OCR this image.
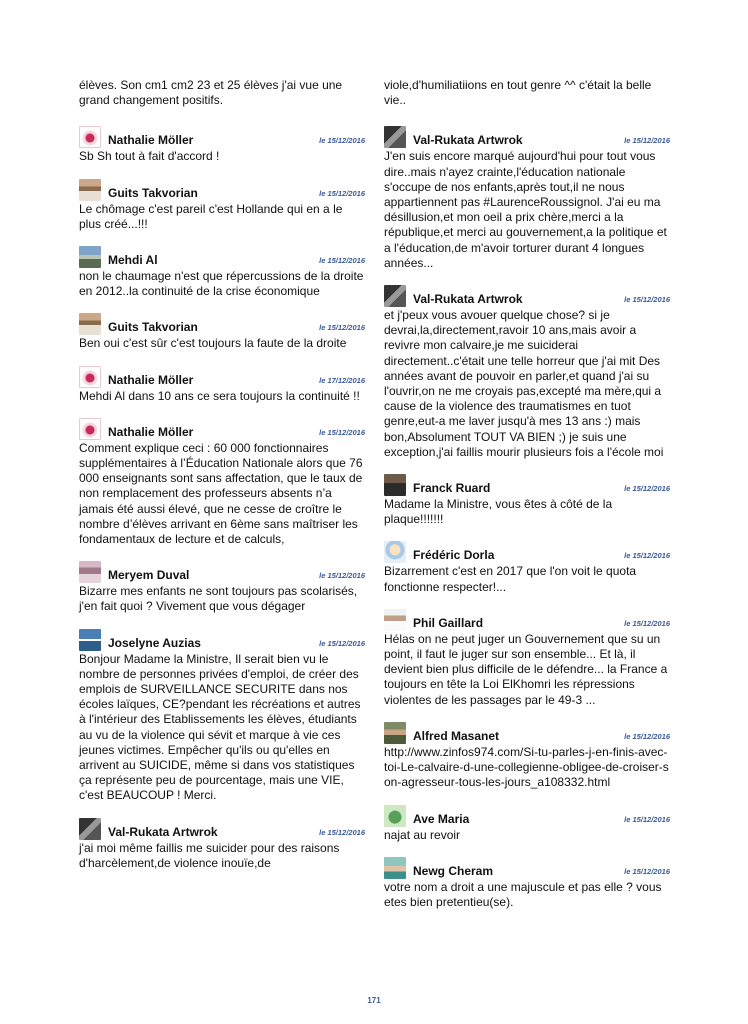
élèves. Son cm1 cm2 23 et 25 élèves j'ai vue une grand changement positifs.
Nathalie Möller	le 15/12/2016
Sb Sh tout à fait d'accord !
Guits Takvorian	le 15/12/2016
Le chômage c'est pareil c'est Hollande qui en a le plus créé...!!!
Mehdi Al	le 15/12/2016
non le chaumage n'est que répercussions de la droite en 2012..la continuité de la crise économique
Guits Takvorian	le 15/12/2016
Ben oui c'est sûr c'est toujours la faute de la droite
Nathalie Möller	le 17/12/2016
Mehdi Al dans 10 ans ce sera toujours la continuité !!
Nathalie Möller	le 15/12/2016
Comment explique ceci : 60 000 fonctionnaires supplémentaires à l’Éducation Nationale alors que 76 000 enseignants sont sans affectation, que le taux de non remplacement des professeurs absents n’a jamais été aussi élevé, que ne cesse de croître le nombre d’élèves arrivant en 6ème sans maîtriser les fondamentaux de lecture et de calculs,
Meryem Duval	le 15/12/2016
Bizarre mes enfants ne sont toujours pas scolarisés, j'en fait quoi ? Vivement que vous dégager
Joselyne Auzias	le 15/12/2016
Bonjour Madame la Ministre, Il serait bien vu le nombre de personnes privées d'emploi, de créer des emplois de SURVEILLANCE SECURITE dans nos écoles laïques, CE?pendant les récréations et autres à l'intérieur des Etablissements les élèves, étudiants au vu de la violence qui sévit et marque à vie ces jeunes victimes. Empêcher qu'ils ou qu'elles en arrivent au SUICIDE, même si dans vos statistiques ça représente peu de pourcentage, mais une VIE, c'est BEAUCOUP ! Merci.
Val-Rukata Artwrok	le 15/12/2016
j'ai moi même faillis me suicider pour des raisons d'harcèlement,de violence inouïe,de
viole,d'humiliatiions en tout genre ^^ c'était la belle vie..
Val-Rukata Artwrok	le 15/12/2016
J'en suis encore marqué aujourd'hui pour tout vous dire..mais n'ayez crainte,l'éducation nationale s'occupe de nos enfants,après tout,il ne nous appartiennent pas #LaurenceRoussignol. J'ai eu ma désillusion,et mon oeil a prix chère,merci a la république,et merci au gouvernement,a la politique et a l'éducation,de m'avoir torturer durant 4 longues années...
Val-Rukata Artwrok	le 15/12/2016
et j'peux vous avouer quelque chose? si je devrai,la,directement,ravoir 10 ans,mais avoir a revivre mon calvaire,je me suiciderai directement..c'était une telle horreur que j'ai mit Des années avant de pouvoir en parler,et quand j'ai su l'ouvrir,on ne me croyais pas,excepté ma mère,qui a cause de la violence des traumatismes en tuot genre,eut-a me laver jusqu'à mes 13 ans :) mais bon,Absolument TOUT VA BIEN ;) je suis une exception,j'ai faillis mourir plusieurs fois a l'école moi
Franck Ruard	le 15/12/2016
Madame la Ministre, vous êtes à côté de la plaque!!!!!!!
Frédéric Dorla	le 15/12/2016
Bizarrement c'est en 2017 que l'on voit le quota fonctionne respecter!...
Phil Gaillard	le 15/12/2016
Hélas on ne peut juger un Gouvernement que su un point, il faut le juger sur son ensemble... Et là, il devient bien plus difficile de le défendre... la France a toujours en tête la Loi ElKhomri les répressions violentes de les passages par le 49-3 ...
Alfred Masanet	le 15/12/2016
http://www.zinfos974.com/Si-tu-parles-j-en-finis-avec-toi-Le-calvaire-d-une-collegienne-obligee-de-croiser-son-agresseur-tous-les-jours_a108332.html
Ave Maria	le 15/12/2016
najat au revoir
Newg Cheram	le 15/12/2016
votre nom a droit a une majuscule et pas elle ? vous etes bien pretentieu(se).
171
